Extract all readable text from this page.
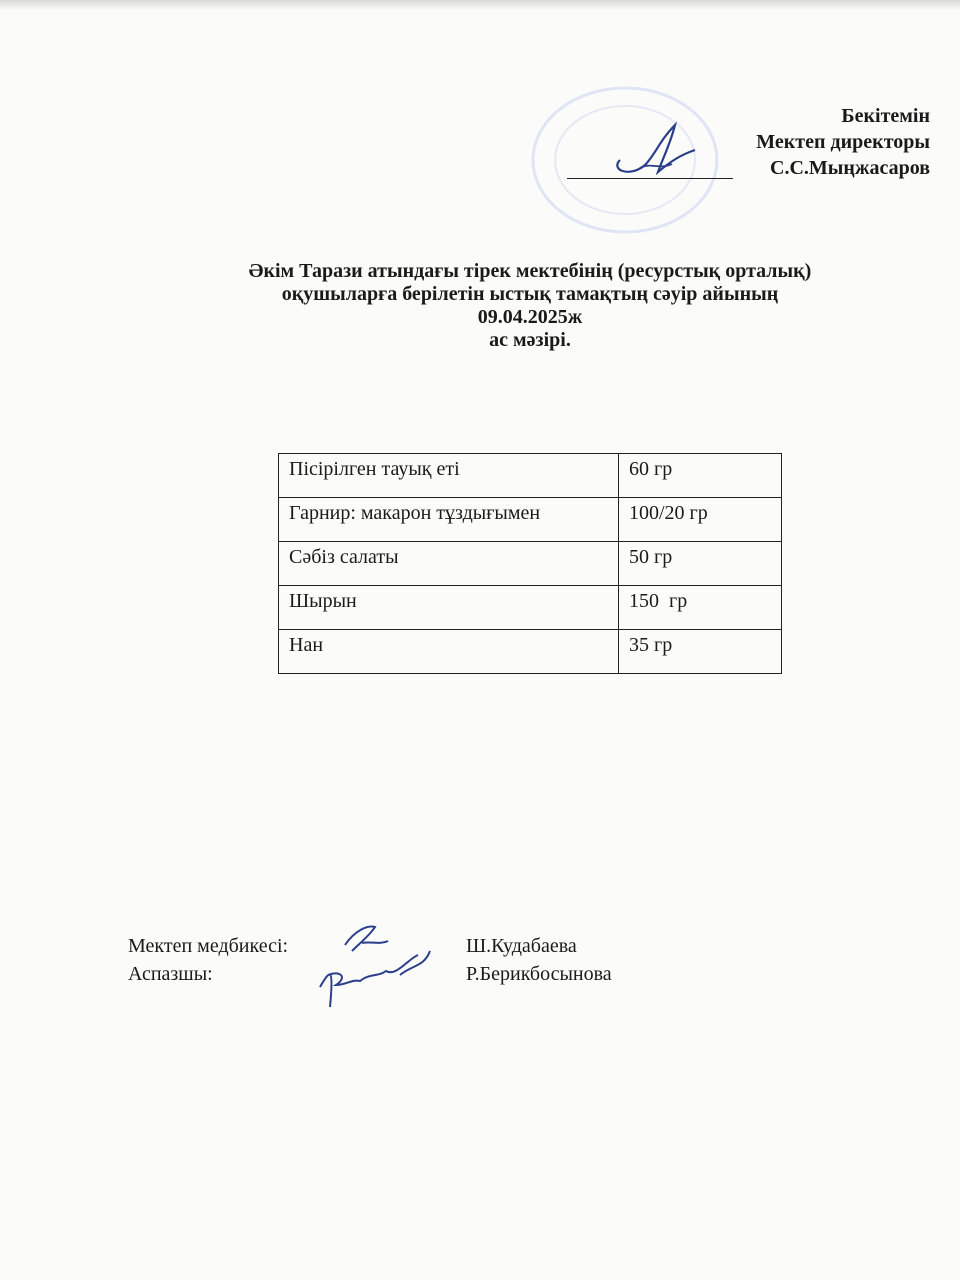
Бекітемін
Мектеп директоры
С.С.Мыңжасаров
Әкім Тарази атындағы тірек мектебінің (ресурстық орталық)
оқушыларға берілетін ыстық тамақтың сәуір айының
09.04.2025ж
ас мәзірі.
Пісірілген тауық еті	60 гр
Гарнир: макарон тұздығымен	100/20 гр
Сәбіз салаты	50 гр
Шырын	150  гр
Нан	35 гр
Мектеп медбикесі:	Ш.Кудабаева
Аспазшы:	Р.Берикбосынова
